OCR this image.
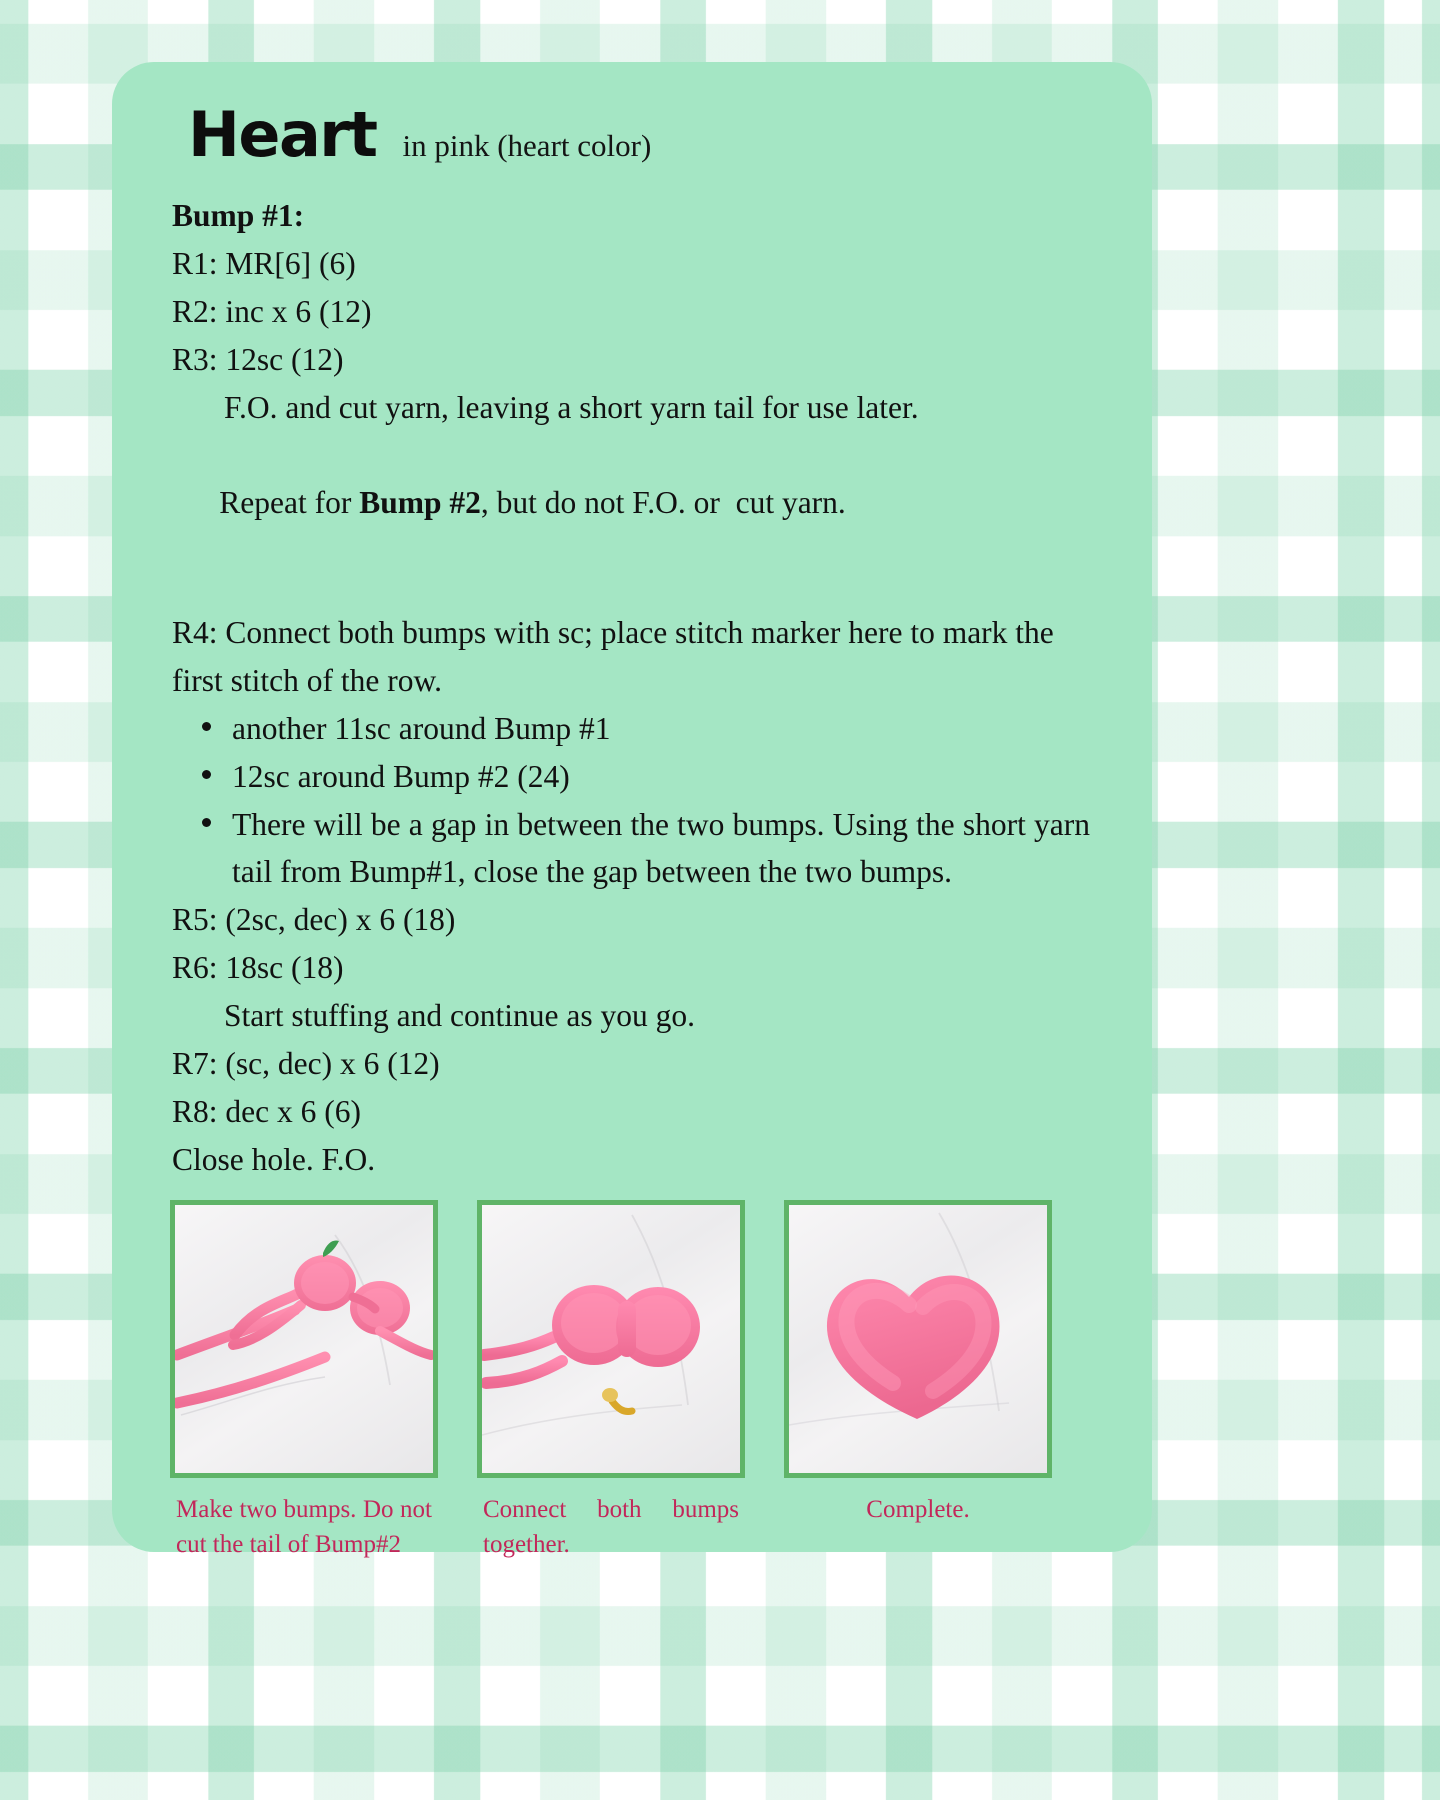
Heart in pink (heart color)
Bump #1:
R1: MR[6] (6)
R2: inc x 6 (12)
R3: 12sc (12)
F.O. and cut yarn, leaving a short yarn tail for use later.

Repeat for Bump #2, but do not F.O. or  cut yarn.

R4: Connect both bumps with sc; place stitch marker here to mark the first stitch of the row.
another 11sc around Bump #1
12sc around Bump #2 (24)
There will be a gap in between the two bumps. Using the short yarn tail from Bump#1, close the gap between the two bumps.
R5: (2sc, dec) x 6 (18)
R6: 18sc (18)
Start stuffing and continue as you go.
R7: (sc, dec) x 6 (12)
R8: dec x 6 (6)
Close hole. F.O.
Make two bumps. Do not cut the tail of Bump#2
Connect both bumps together.
Complete.
